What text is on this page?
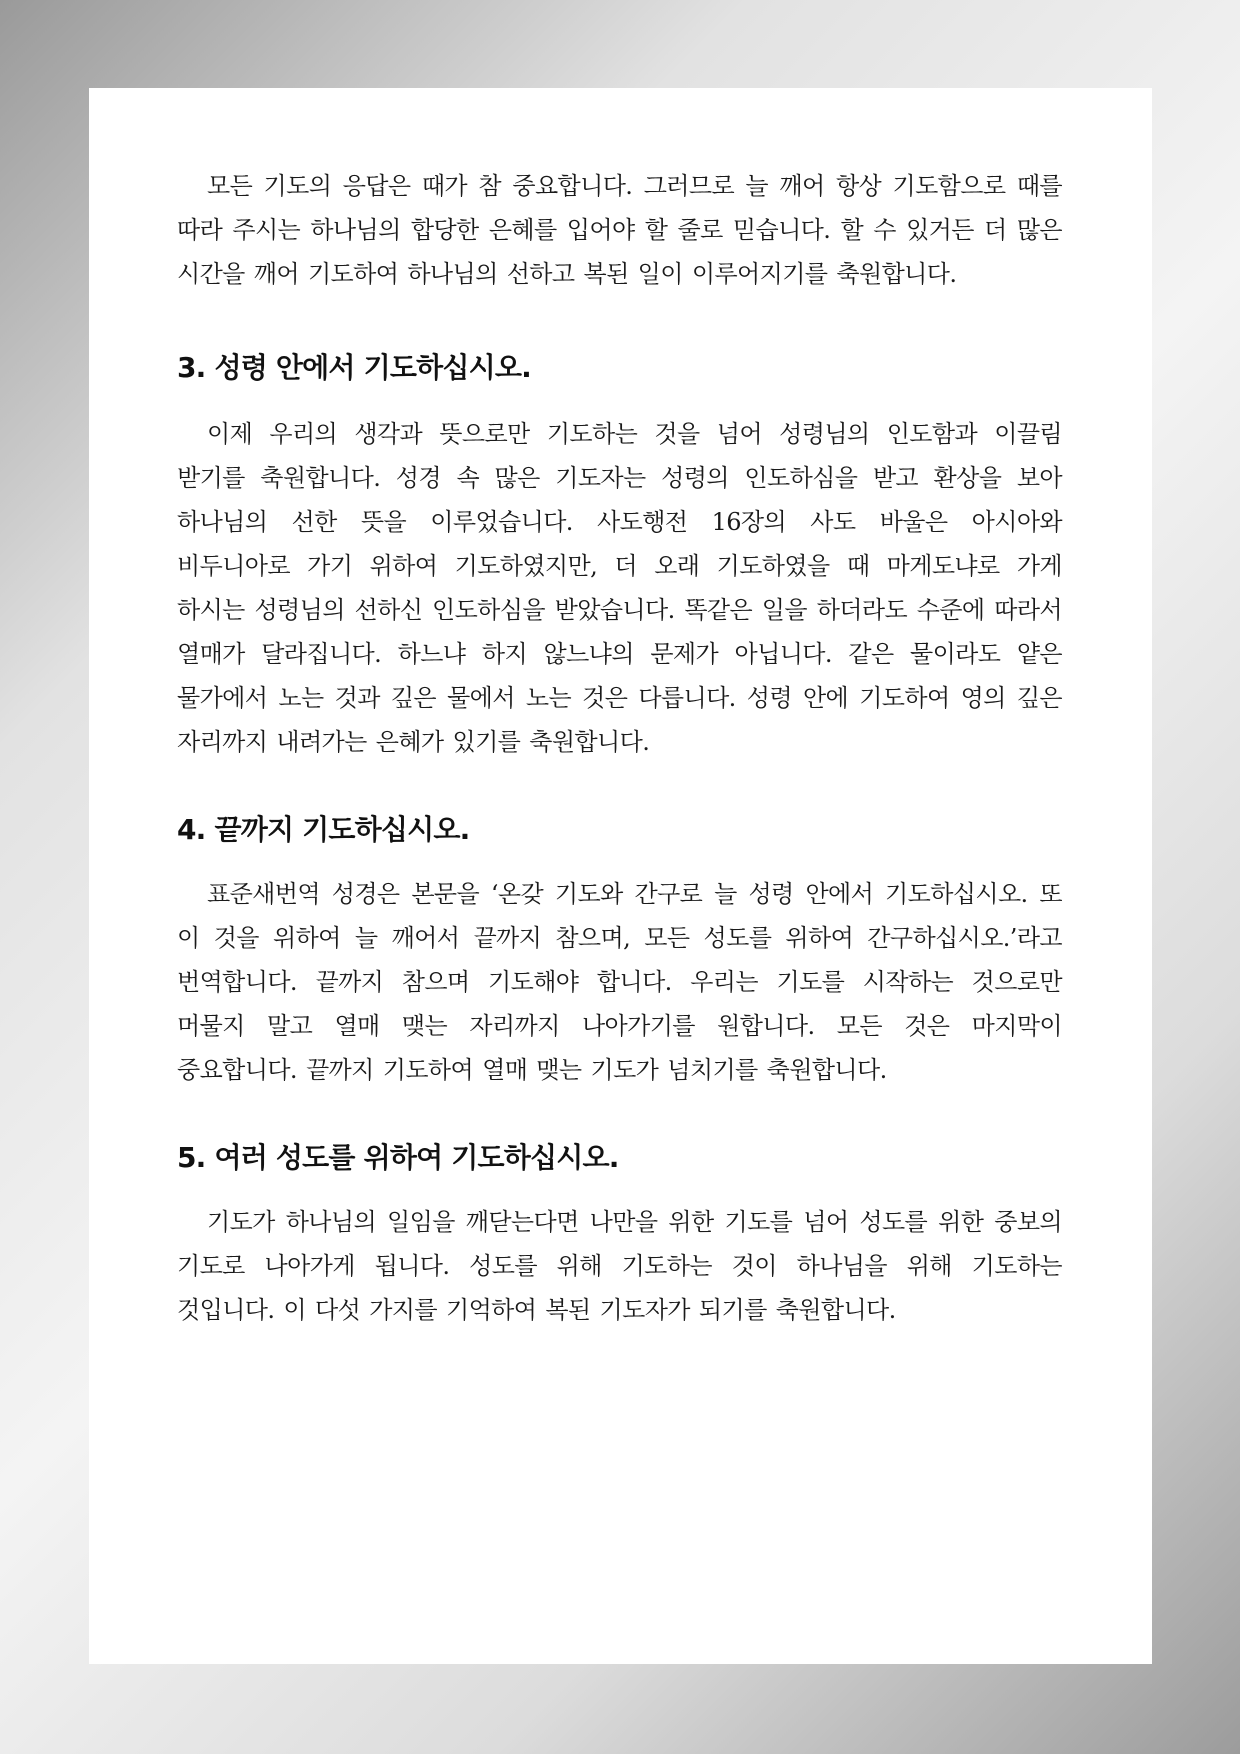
모든 기도의 응답은 때가 참 중요합니다. 그러므로 늘 깨어 항상 기도함으로 때를 따라 주시는 하나님의 합당한 은혜를 입어야 할 줄로 믿습니다. 할 수 있거든 더 많은 시간을 깨어 기도하여 하나님의 선하고 복된 일이 이루어지기를 축원합니다.

3. 성령 안에서 기도하십시오.

이제 우리의 생각과 뜻으로만 기도하는 것을 넘어 성령님의 인도함과 이끌림 받기를 축원합니다. 성경 속 많은 기도자는 성령의 인도하심을 받고 환상을 보아 하나님의 선한 뜻을 이루었습니다. 사도행전 16장의 사도 바울은 아시아와 비두니아로 가기 위하여 기도하였지만, 더 오래 기도하였을 때 마게도냐로 가게 하시는 성령님의 선하신 인도하심을 받았습니다. 똑같은 일을 하더라도 수준에 따라서 열매가 달라집니다. 하느냐 하지 않느냐의 문제가 아닙니다. 같은 물이라도 얕은 물가에서 노는 것과 깊은 물에서 노는 것은 다릅니다. 성령 안에 기도하여 영의 깊은 자리까지 내려가는 은혜가 있기를 축원합니다.

4. 끝까지 기도하십시오.

표준새번역 성경은 본문을 ‘온갖 기도와 간구로 늘 성령 안에서 기도하십시오. 또 이 것을 위하여 늘 깨어서 끝까지 참으며, 모든 성도를 위하여 간구하십시오.’라고 번역합니다. 끝까지 참으며 기도해야 합니다. 우리는 기도를 시작하는 것으로만 머물지 말고 열매 맺는 자리까지 나아가기를 원합니다. 모든 것은 마지막이 중요합니다. 끝까지 기도하여 열매 맺는 기도가 넘치기를 축원합니다.

5. 여러 성도를 위하여 기도하십시오.

기도가 하나님의 일임을 깨닫는다면 나만을 위한 기도를 넘어 성도를 위한 중보의 기도로 나아가게 됩니다. 성도를 위해 기도하는 것이 하나님을 위해 기도하는 것입니다. 이 다섯 가지를 기억하여 복된 기도자가 되기를 축원합니다.
